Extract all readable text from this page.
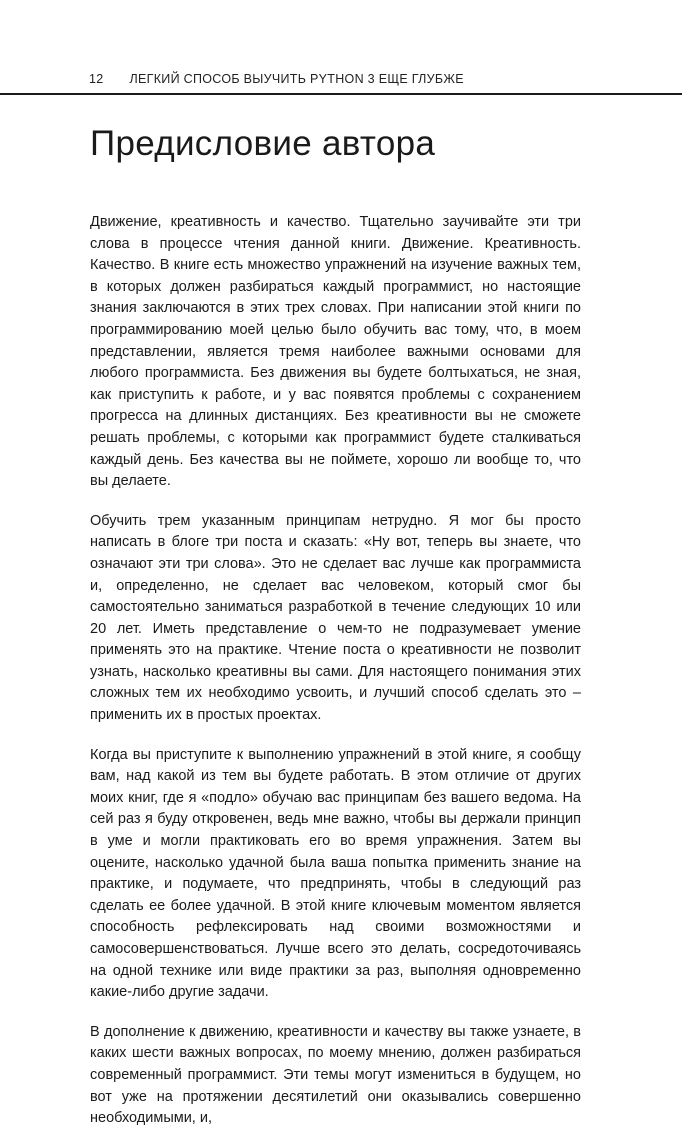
12 ЛЕГКИЙ СПОСОБ ВЫУЧИТЬ PYTHON 3 ЕЩЕ ГЛУБЖЕ
Предисловие автора

Движение, креативность и качество. Тщательно заучивайте эти три слова в процессе чтения данной книги. Движение. Креативность. Качество. В книге есть множество упражнений на изучение важных тем, в которых должен разбираться каждый программист, но настоящие знания заключаются в этих трех словах. При написании этой книги по программированию моей целью было обучить вас тому, что, в моем представлении, является тремя наиболее важными основами для любого программиста. Без движения вы будете болтыхаться, не зная, как приступить к работе, и у вас появятся проблемы с сохранением прогресса на длинных дистанциях. Без креативности вы не сможете решать проблемы, с которыми как программист будете сталкиваться каждый день. Без качества вы не поймете, хорошо ли вообще то, что вы делаете.

Обучить трем указанным принципам нетрудно. Я мог бы просто написать в блоге три поста и сказать: «Ну вот, теперь вы знаете, что означают эти три слова». Это не сделает вас лучше как программиста и, определенно, не сделает вас человеком, который смог бы самостоятельно заниматься разработкой в течение следующих 10 или 20 лет. Иметь представление о чем-то не подразумевает умение применять это на практике. Чтение поста о креативности не позволит узнать, насколько креативны вы сами. Для настоящего понимания этих сложных тем их необходимо усвоить, и лучший способ сделать это – применить их в простых проектах.

Когда вы приступите к выполнению упражнений в этой книге, я сообщу вам, над какой из тем вы будете работать. В этом отличие от других моих книг, где я «подло» обучаю вас принципам без вашего ведома. На сей раз я буду откровенен, ведь мне важно, чтобы вы держали принцип в уме и могли практиковать его во время упражнения. Затем вы оцените, насколько удачной была ваша попытка применить знание на практике, и подумаете, что предпринять, чтобы в следующий раз сделать ее более удачной. В этой книге ключевым моментом является способность рефлексировать над своими возможностями и самосовершенствоваться. Лучше всего это делать, сосредоточиваясь на одной технике или виде практики за раз, выполняя одновременно какие-либо другие задачи.

В дополнение к движению, креативности и качеству вы также узнаете, в каких шести важных вопросах, по моему мнению, должен разбираться современный программист. Эти темы могут измениться в будущем, но вот уже на протяжении десятилетий они оказывались совершенно необходимыми, и,
